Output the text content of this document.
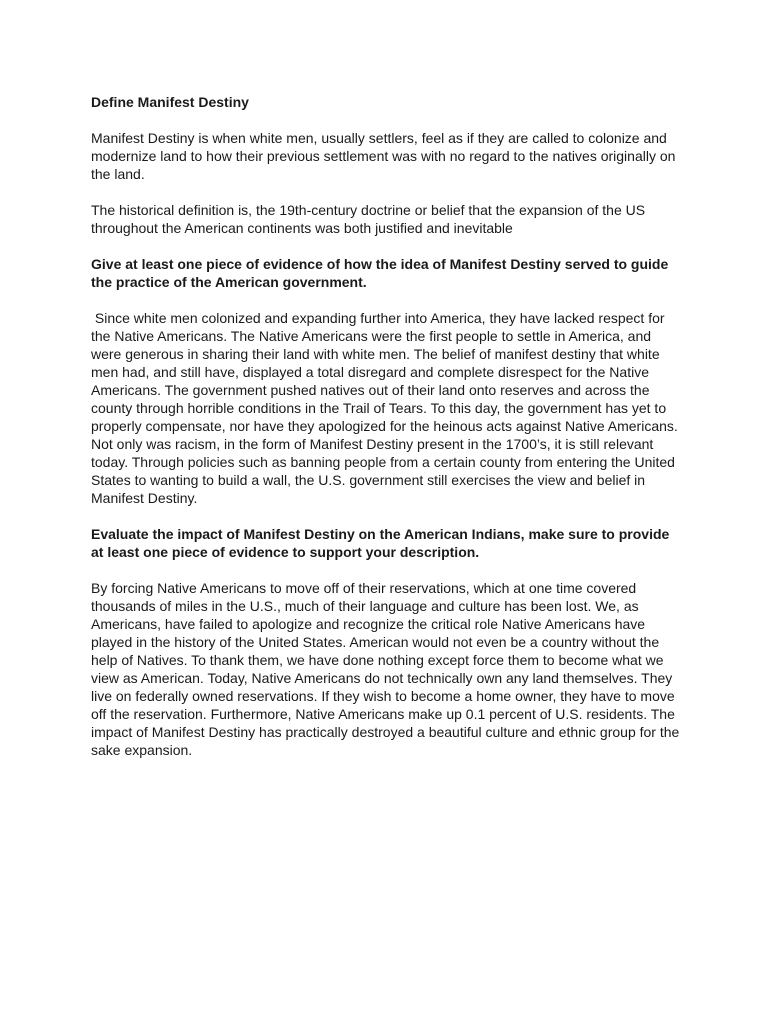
Define Manifest Destiny

Manifest Destiny is when white men, usually settlers, feel as if they are called to colonize and modernize land to how their previous settlement was with no regard to the natives originally on the land.

The historical definition is, the 19th-century doctrine or belief that the expansion of the US throughout the American continents was both justified and inevitable

Give at least one piece of evidence of how the idea of Manifest Destiny served to guide the practice of the American government.

Since white men colonized and expanding further into America, they have lacked respect for the Native Americans. The Native Americans were the first people to settle in America, and were generous in sharing their land with white men. The belief of manifest destiny that white men had, and still have, displayed a total disregard and complete disrespect for the Native Americans. The government pushed natives out of their land onto reserves and across the county through horrible conditions in the Trail of Tears. To this day, the government has yet to properly compensate, nor have they apologized for the heinous acts against Native Americans. Not only was racism, in the form of Manifest Destiny present in the 1700’s, it is still relevant today. Through policies such as banning people from a certain county from entering the United States to wanting to build a wall, the U.S. government still exercises the view and belief in Manifest Destiny.

Evaluate the impact of Manifest Destiny on the American Indians, make sure to provide at least one piece of evidence to support your description.

By forcing Native Americans to move off of their reservations, which at one time covered thousands of miles in the U.S., much of their language and culture has been lost. We, as Americans, have failed to apologize and recognize the critical role Native Americans have played in the history of the United States. American would not even be a country without the help of Natives. To thank them, we have done nothing except force them to become what we view as American. Today, Native Americans do not technically own any land themselves. They live on federally owned reservations. If they wish to become a home owner, they have to move off the reservation. Furthermore, Native Americans make up 0.1 percent of U.S. residents. The impact of Manifest Destiny has practically destroyed a beautiful culture and ethnic group for the sake expansion.
